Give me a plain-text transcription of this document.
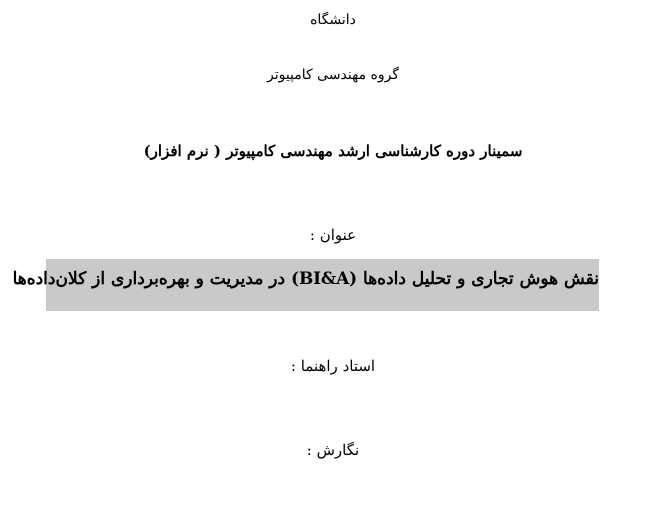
دانشگاه
گروه مهندسی کامپیوتر
سمینار دوره کارشناسی ارشد مهندسی کامپیوتر ( نرم افزار)
عنوان :
نقش هوش تجاری و تحلیل داده‌ها (BI&A) در مدیریت و بهره‌برداری از کلان‌داده‌ها
استاد راهنما :
نگارش :
